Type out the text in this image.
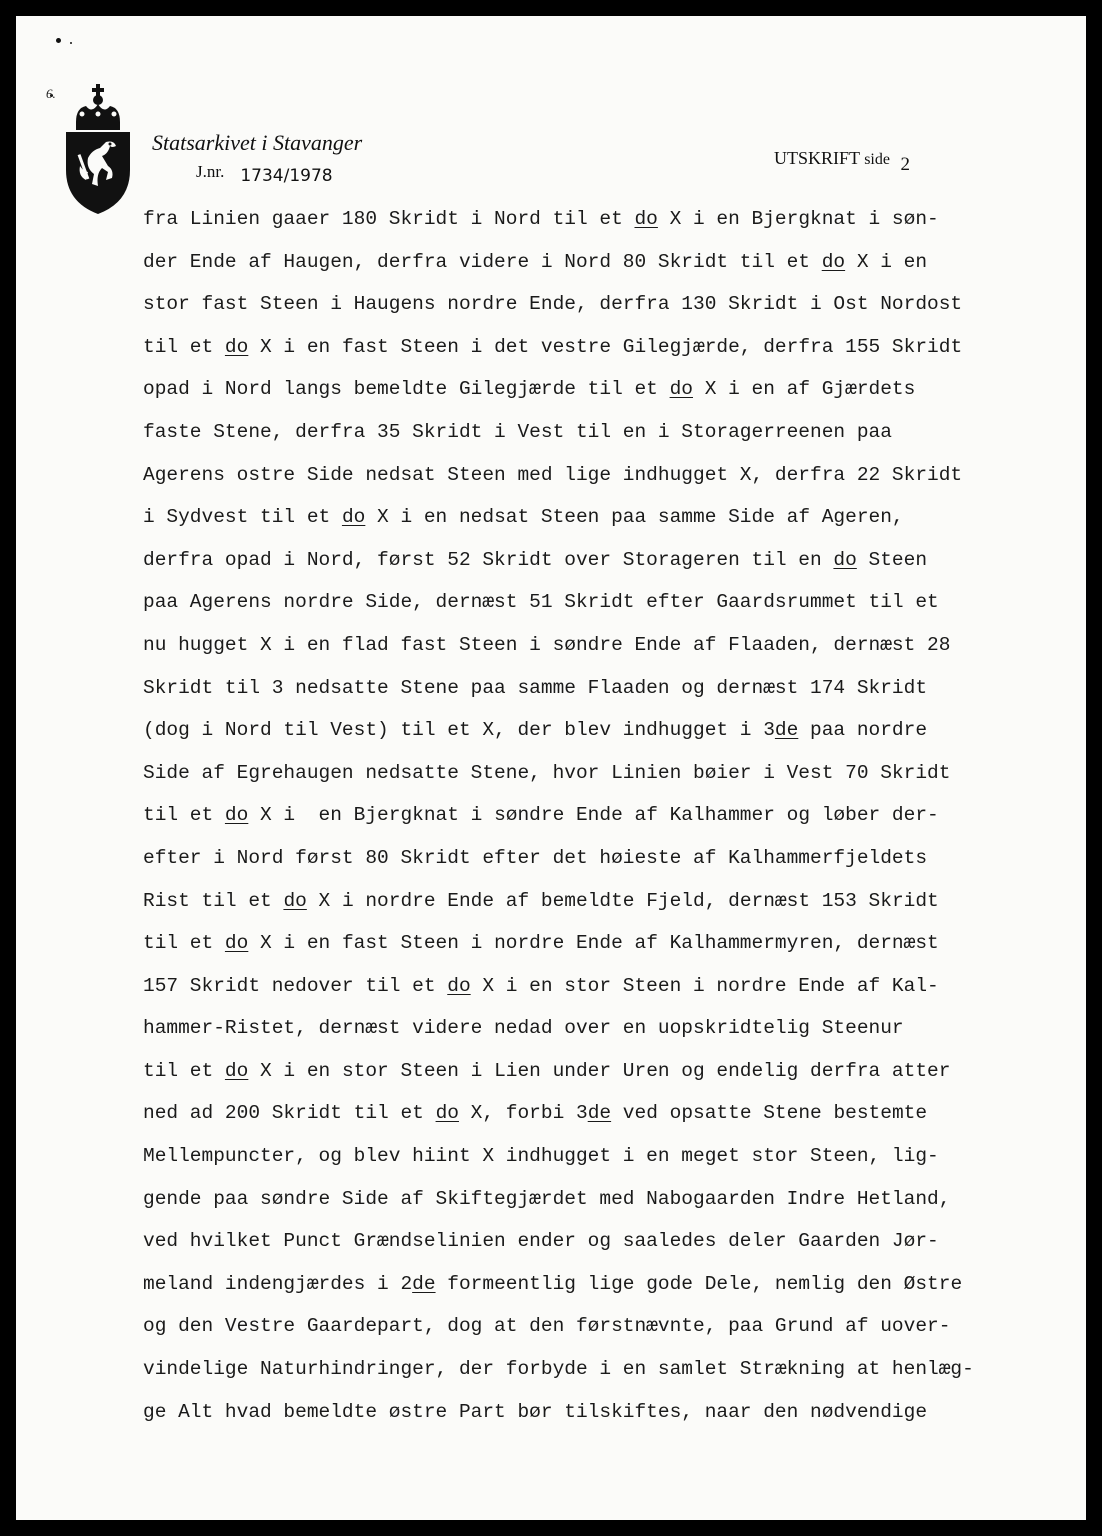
6.
Statsarkivet i Stavanger
J.nr. 1734/1978
UTSKRIFT side 2
fra Linien gaaer 180 Skridt i Nord til et do X i en Bjergknat i søn-
der Ende af Haugen, derfra videre i Nord 80 Skridt til et do X i en
stor fast Steen i Haugens nordre Ende, derfra 130 Skridt i Ost Nordost
til et do X i en fast Steen i det vestre Gilegjærde, derfra 155 Skridt
opad i Nord langs bemeldte Gilegjærde til et do X i en af Gjærdets
faste Stene, derfra 35 Skridt i Vest til en i Storagerreenen paa
Agerens ostre Side nedsat Steen med lige indhugget X, derfra 22 Skridt
i Sydvest til et do X i en nedsat Steen paa samme Side af Ageren,
derfra opad i Nord, først 52 Skridt over Storageren til en do Steen
paa Agerens nordre Side, dernæst 51 Skridt efter Gaardsrummet til et
nu hugget X i en flad fast Steen i søndre Ende af Flaaden, dernæst 28
Skridt til 3 nedsatte Stene paa samme Flaaden og dernæst 174 Skridt
(dog i Nord til Vest) til et X, der blev indhugget i 3de paa nordre
Side af Egrehaugen nedsatte Stene, hvor Linien bøier i Vest 70 Skridt
til et do X i  en Bjergknat i søndre Ende af Kalhammer og løber der-
efter i Nord først 80 Skridt efter det høieste af Kalhammerfjeldets
Rist til et do X i nordre Ende af bemeldte Fjeld, dernæst 153 Skridt
til et do X i en fast Steen i nordre Ende af Kalhammermyren, dernæst
157 Skridt nedover til et do X i en stor Steen i nordre Ende af Kal-
hammer-Ristet, dernæst videre nedad over en uopskridtelig Steenur
til et do X i en stor Steen i Lien under Uren og endelig derfra atter
ned ad 200 Skridt til et do X, forbi 3de ved opsatte Stene bestemte
Mellempuncter, og blev hiint X indhugget i en meget stor Steen, lig-
gende paa søndre Side af Skiftegjærdet med Nabogaarden Indre Hetland,
ved hvilket Punct Grændselinien ender og saaledes deler Gaarden Jør-
meland indengjærdes i 2de formeentlig lige gode Dele, nemlig den Østre
og den Vestre Gaardepart, dog at den førstnævnte, paa Grund af uover-
vindelige Naturhindringer, der forbyde i en samlet Strækning at henlæg-
ge Alt hvad bemeldte østre Part bør tilskiftes, naar den nødvendige
